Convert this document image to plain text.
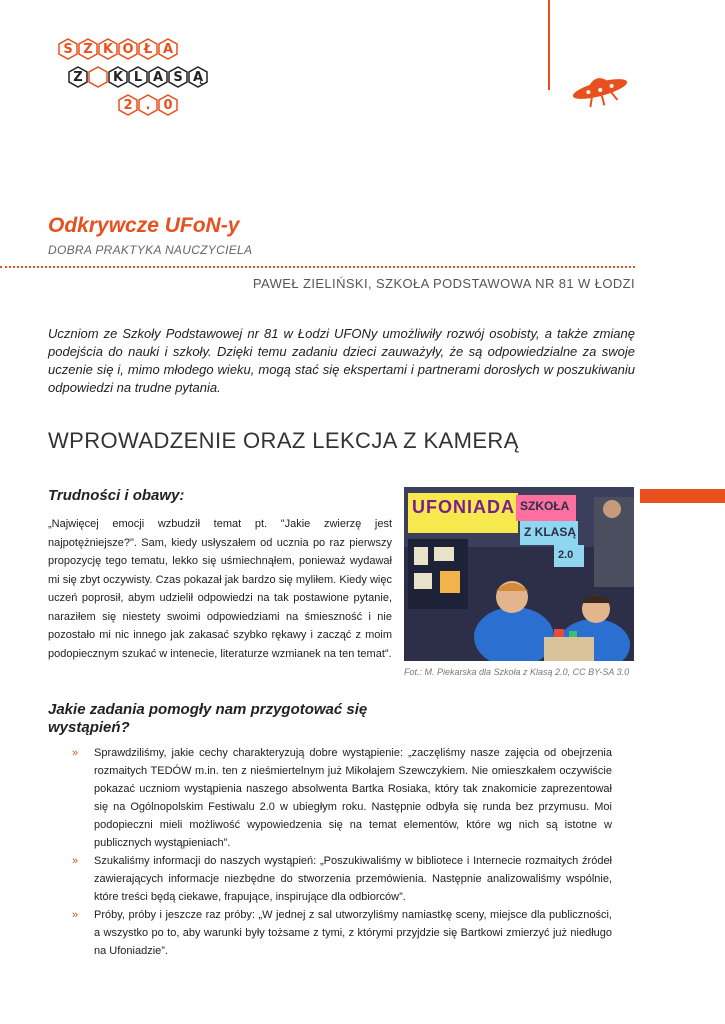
S Z K O Ł A
Z	K L A S Ą
2	.	0
Odkrywcze UFoN-y
DOBRA PRAKTYKA NAUCZYCIELA
PAWEŁ ZIELIŃSKI, SZKOŁA PODSTAWOWA NR 81 W ŁODZI
Uczniom ze Szkoły Podstawowej nr 81 w Łodzi UFONy umożliwiły rozwój osobisty, a także zmianę podejścia do nauki i szkoły. Dzięki temu zadaniu dzieci zauważyły, że są odpowiedzialne za swoje uczenie się i, mimo młodego wieku, mogą stać się ekspertami i partnerami dorosłych w poszukiwaniu odpowiedzi na trudne pytania.
WPROWADZENIE ORAZ LEKCJA Z KAMERĄ
Trudności i obawy:
„Najwięcej emocji wzbudził temat pt. "Jakie zwierzę jest najpotężniejsze?". Sam, kiedy usłyszałem od ucznia po raz pierwszy propozycję tego tematu, lekko się uśmiechnąłem, ponieważ wydawał mi się zbyt oczywisty. Czas pokazał jak bardzo się myliłem. Kiedy więc uczeń poprosił, abym udzielił odpowiedzi na tak postawione pytanie, naraziłem się niestety swoimi odpowiedziami na śmieszność i nie pozostało mi nic innego jak zakasać szybko rękawy i zacząć z moim podopiecznym szukać w intenecie, literaturze wzmianek na ten temat”.
UFONIADA SZKOŁA
Z KLASĄ
2.0
Fot.: M. Piekarska dla Szkoła z Klasą 2.0, CC BY-SA 3.0
Jakie zadania pomogły nam przygotować się wystąpień?
» Sprawdziliśmy, jakie cechy charakteryzują dobre wystąpienie: „zaczęliśmy nasze zajęcia od obejrzenia rozmaitych TEDÓW m.in. ten z nieśmiertelnym już Mikołajem Szewczykiem. Nie omieszkałem oczywiście pokazać uczniom wystąpienia naszego absolwenta Bartka Rosiaka, który tak znakomicie zaprezentował się na Ogólnopolskim Festiwalu 2.0 w ubiegłym roku. Następnie odbyła się runda bez przymusu. Moi podopieczni mieli możliwość wypowiedzenia się na temat elementów, które wg nich są istotne w publicznych wystąpieniach”.
» Szukaliśmy informacji do naszych wystąpień: „Poszukiwaliśmy w bibliotece i Internecie rozmaitych źródeł zawierających informacje niezbędne do stworzenia przemówienia. Następnie analizowaliśmy wspólnie, które treści będą ciekawe, frapujące, inspirujące dla odbiorców”.
» Próby, próby i jeszcze raz próby: „W jednej z sal utworzyliśmy namiastkę sceny, miejsce dla publiczności, a wszystko po to, aby warunki były tożsame z tymi, z którymi przyjdzie się Bartkowi zmierzyć już niedługo na Ufoniadzie”.
